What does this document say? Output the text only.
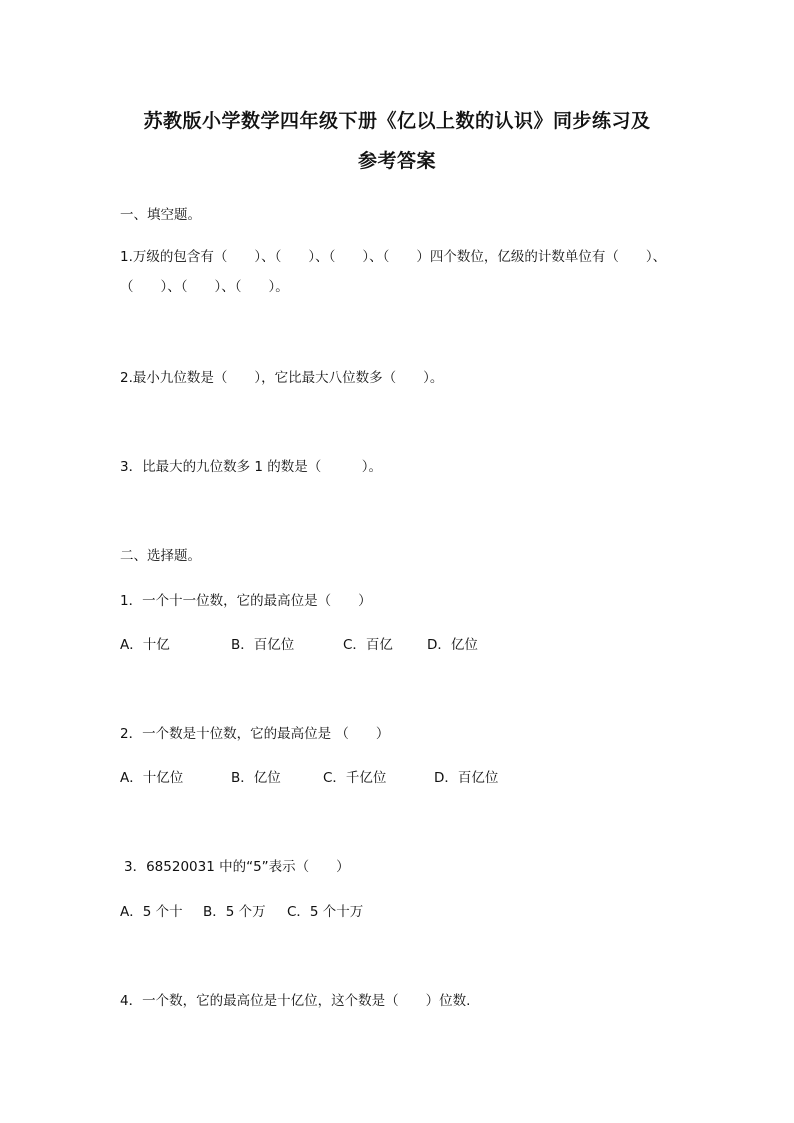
苏教版小学数学四年级下册《亿以上数的认识》同步练习及
参考答案
一、填空题。
1.万级的包含有（　　）、（　　）、（　　）、（　　）四个数位，亿级的计数单位有（　　）、
（　　）、（　　）、（　　）。
2.最小九位数是（　　），它比最大八位数多（　　）。
3．比最大的九位数多 1 的数是（　　　）。
二、选择题。
1．一个十一位数，它的最高位是（　　）
A．十亿	B．百亿位	C．百亿	D．亿位
2．一个数是十位数，它的最高位是 （　　）
A．十亿位	B．亿位	C．千亿位	D．百亿位
3．68520031 中的“5”表示（　　）
A．5 个十 B．5 个万 C．5 个十万
4．一个数，它的最高位是十亿位，这个数是（　　）位数.
